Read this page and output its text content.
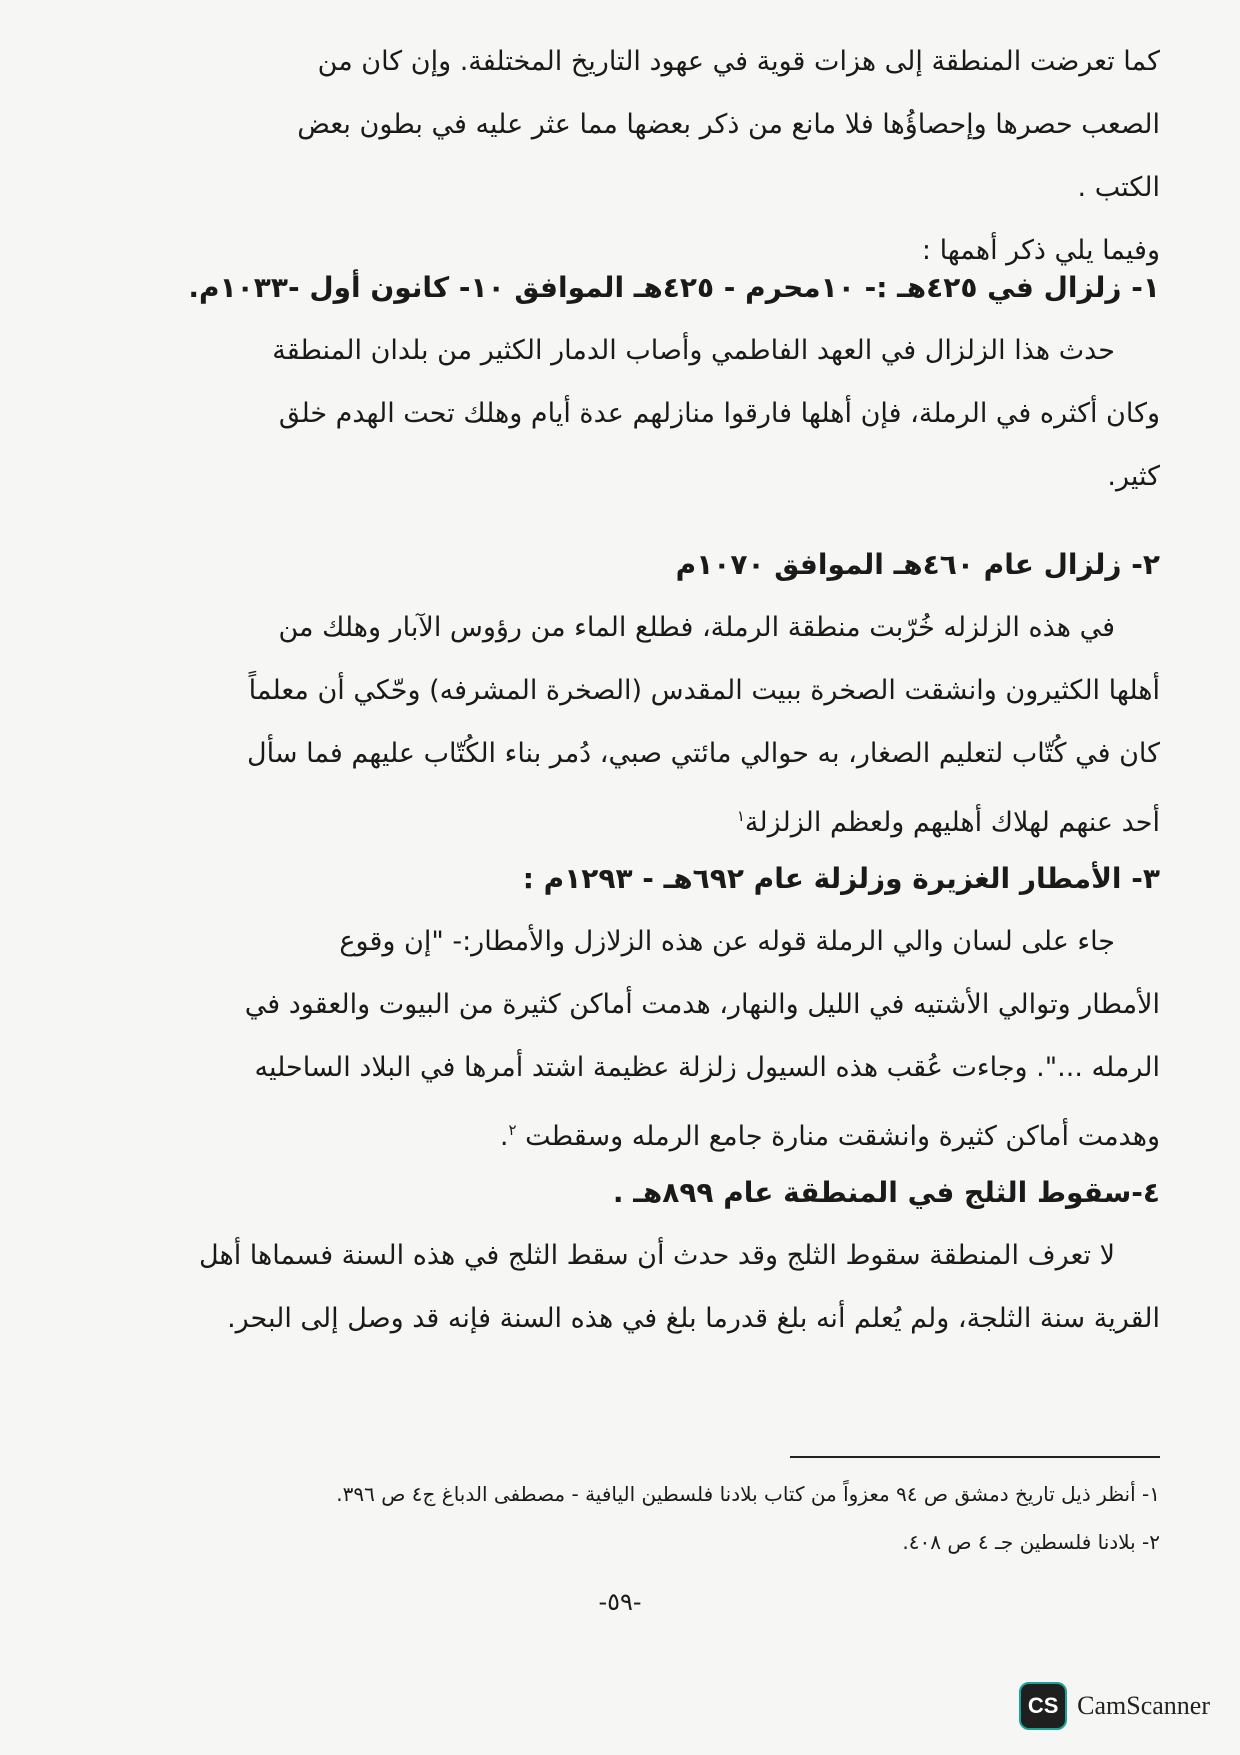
كما تعرضت المنطقة إلى هزات قوية في عهود التاريخ المختلفة. وإن كان من
الصعب حصرها وإحصاؤُها فلا مانع من ذكر بعضها مما عثر عليه في بطون بعض
الكتب .
وفيما يلي ذكر أهمها :
١- زلزال في ٤٢٥هـ :- ١٠محرم - ٤٢٥هـ الموافق ١٠- كانون أول -١٠٣٣م.
حدث هذا الزلزال في العهد الفاطمي وأصاب الدمار الكثير من بلدان المنطقة
وكان أكثره في الرملة، فإن أهلها فارقوا منازلهم عدة أيام وهلك تحت الهدم خلق
كثير.
٢- زلزال عام ٤٦٠هـ الموافق ١٠٧٠م
في هذه الزلزله خُرّبت منطقة الرملة، فطلع الماء من رؤوس الآبار وهلك من
أهلها الكثيرون وانشقت الصخرة ببيت المقدس (الصخرة المشرفه) وحّكي أن معلماً
كان في كُتّاب لتعليم الصغار، به حوالي مائتي صبي، دُمر بناء الكُتّاب عليهم فما سأل
أحد عنهم لهلاك أهليهم ولعظم الزلزلة$^١$
٣- الأمطار الغزيرة وزلزلة عام ٦٩٢هـ - ١٢٩٣م :
جاء على لسان والي الرملة قوله عن هذه الزلازل والأمطار:- "إن وقوع
الأمطار وتوالي الأشتيه في الليل والنهار، هدمت أماكن كثيرة من البيوت والعقود في
الرمله ...". وجاءت عُقب هذه السيول زلزلة عظيمة اشتد أمرها في البلاد الساحليه
وهدمت أماكن كثيرة وانشقت منارة جامع الرمله وسقطت $^٢$.
٤-سقوط الثلج في المنطقة عام ٨٩٩هـ .
لا تعرف المنطقة سقوط الثلج وقد حدث أن سقط الثلج في هذه السنة فسماها أهل
القرية سنة الثلجة، ولم يُعلم أنه بلغ قدرما بلغ في هذه السنة فإنه قد وصل إلى البحر.
١- أنظر ذيل تاريخ دمشق ص ٩٤ معزواً من كتاب بلادنا فلسطين اليافية - مصطفى الدباغ ج٤ ص ٣٩٦.
٢- بلادنا فلسطين جـ ٤ ص ٤٠٨.
-٥٩-
CS CamScanner
